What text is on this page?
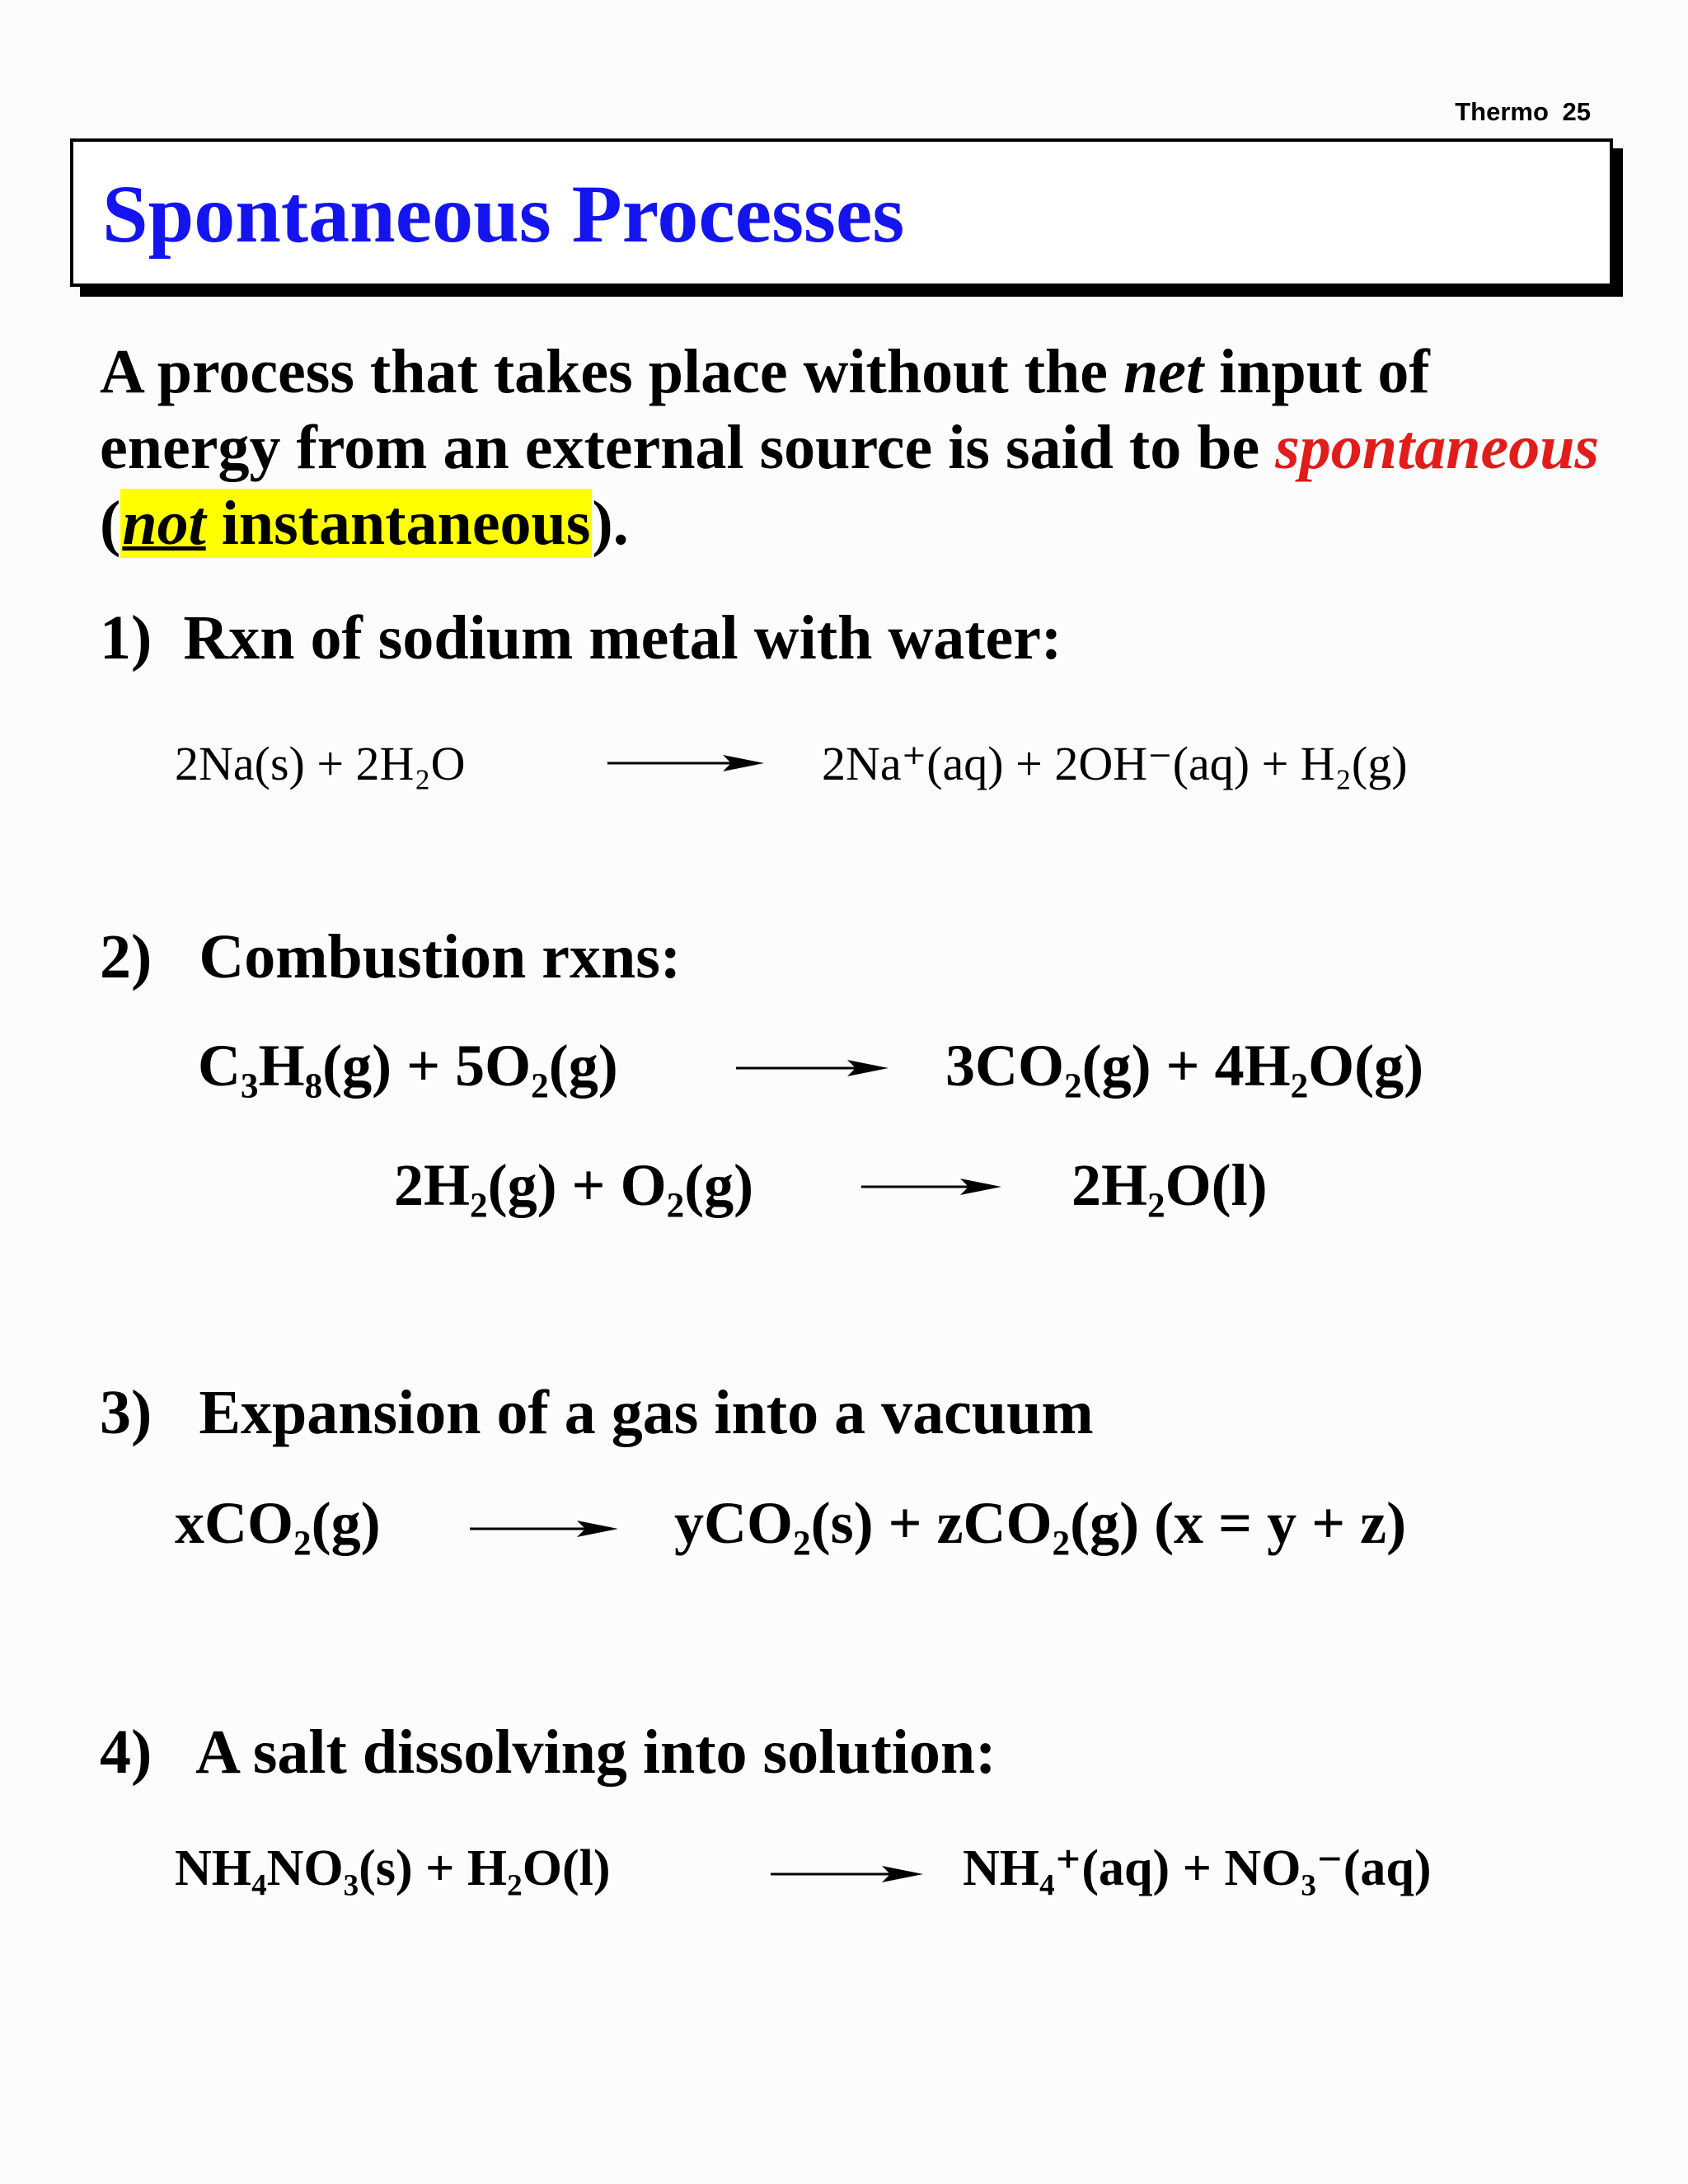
Thermo 25
Spontaneous Processes
A process that takes place without the net input of energy from an external source is said to be spontaneous (not instantaneous).
1) Rxn of sodium metal with water:
2Na(s) + 2H₂O	2Na⁺(aq) + 2OH⁻(aq) + H₂(g)
2) Combustion rxns:
C₃H₈(g) + 5O₂(g)	3CO₂(g) + 4H₂O(g)
2H₂(g) + O₂(g)	2H₂O(l)
3) Expansion of a gas into a vacuum
xCO₂(g)	yCO₂(s) + zCO₂(g) (x = y + z)
4) A salt dissolving into solution:
NH₄NO₃(s) + H₂O(l)	NH₄⁺(aq) + NO₃⁻(aq)
